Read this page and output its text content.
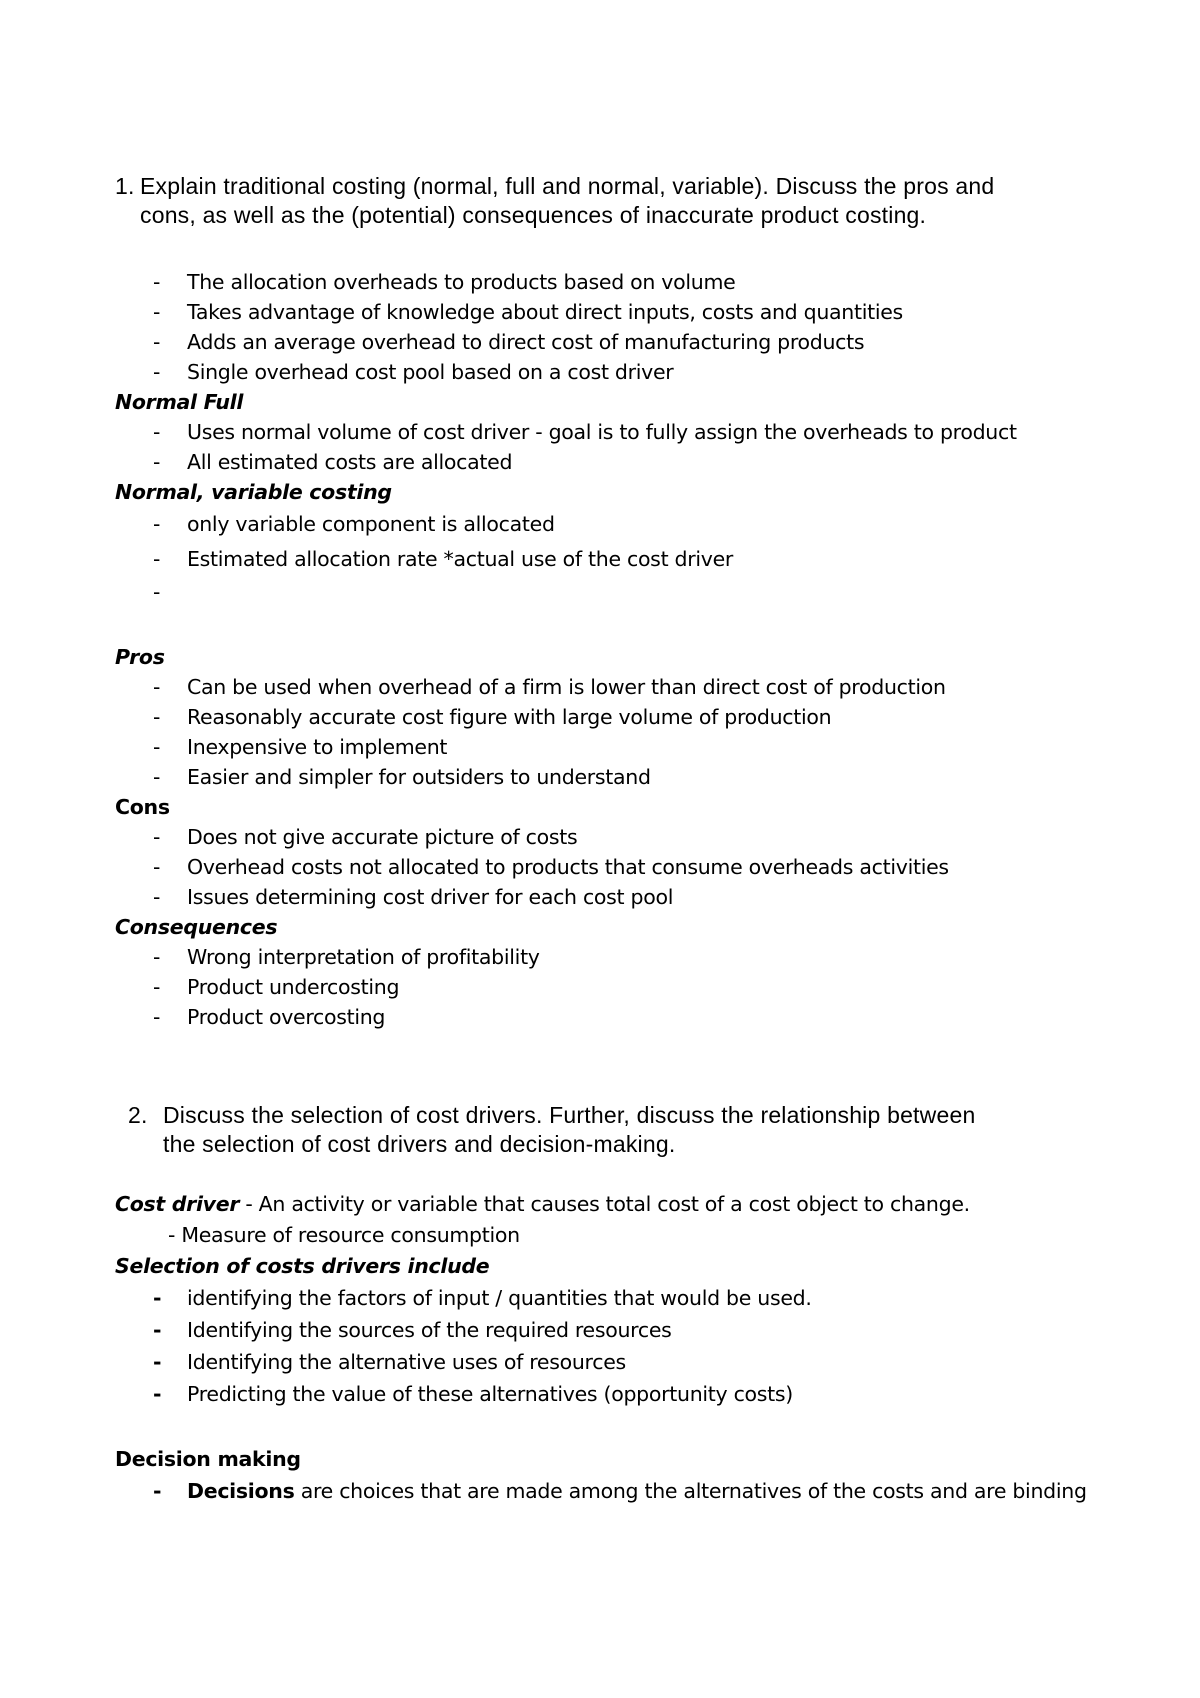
1. Explain traditional costing (normal, full and normal, variable). Discuss the pros and
cons, as well as the (potential) consequences of inaccurate product costing.
-	The allocation overheads to products based on volume
-	Takes advantage of knowledge about direct inputs, costs and quantities
-	Adds an average overhead to direct cost of manufacturing products
-	Single overhead cost pool based on a cost driver
Normal Full
-	Uses normal volume of cost driver - goal is to fully assign the overheads to product
-	All estimated costs are allocated
Normal, variable costing
-	only variable component is allocated
-	Estimated allocation rate *actual use of the cost driver
-
Pros
-	Can be used when overhead of a firm is lower than direct cost of production
-	Reasonably accurate cost figure with large volume of production
-	Inexpensive to implement
-	Easier and simpler for outsiders to understand
Cons
-	Does not give accurate picture of costs
-	Overhead costs not allocated to products that consume overheads activities
-	Issues determining cost driver for each cost pool
Consequences
-	Wrong interpretation of profitability
-	Product undercosting
-	Product overcosting
2. Discuss the selection of cost drivers. Further, discuss the relationship between
the selection of cost drivers and decision-making.
Cost driver - An activity or variable that causes total cost of a cost object to change.
- Measure of resource consumption
Selection of costs drivers include
- identifying the factors of input / quantities that would be used.
- Identifying the sources of the required resources
- Identifying the alternative uses of resources
- Predicting the value of these alternatives (opportunity costs)
Decision making
- Decisions are choices that are made among the alternatives of the costs and are binding
